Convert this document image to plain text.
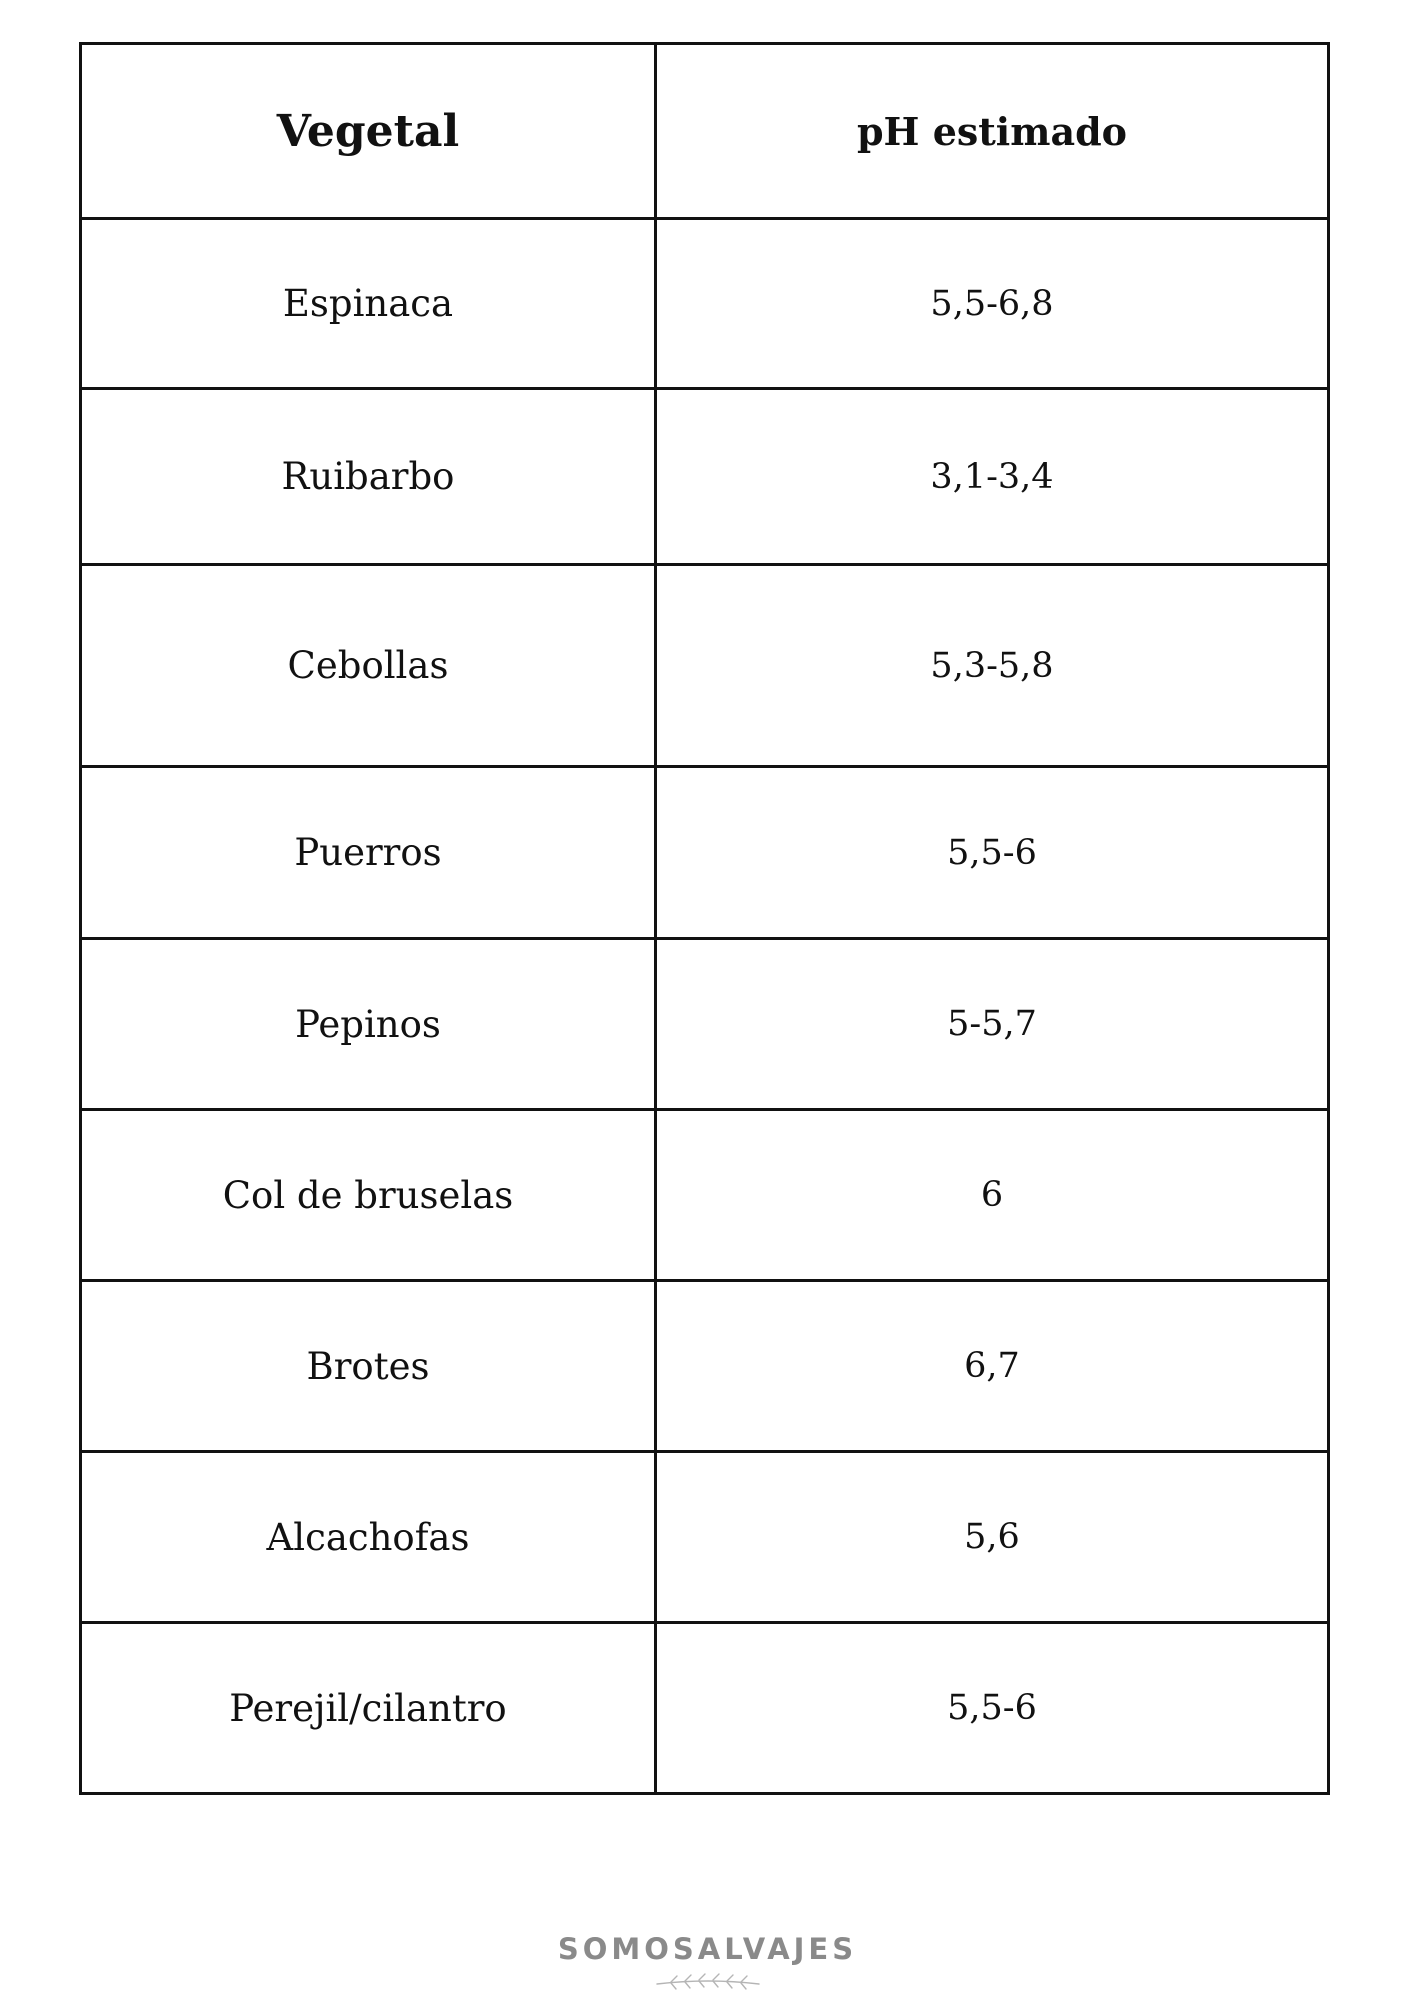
Vegetal	pH estimado
Espinaca	5,5-6,8
Ruibarbo	3,1-3,4
Cebollas	5,3-5,8
Puerros	5,5-6
Pepinos	5-5,7
Col de bruselas	6
Brotes	6,7
Alcachofas	5,6
Perejil/cilantro	5,5-6
SOMOSALVAJES
